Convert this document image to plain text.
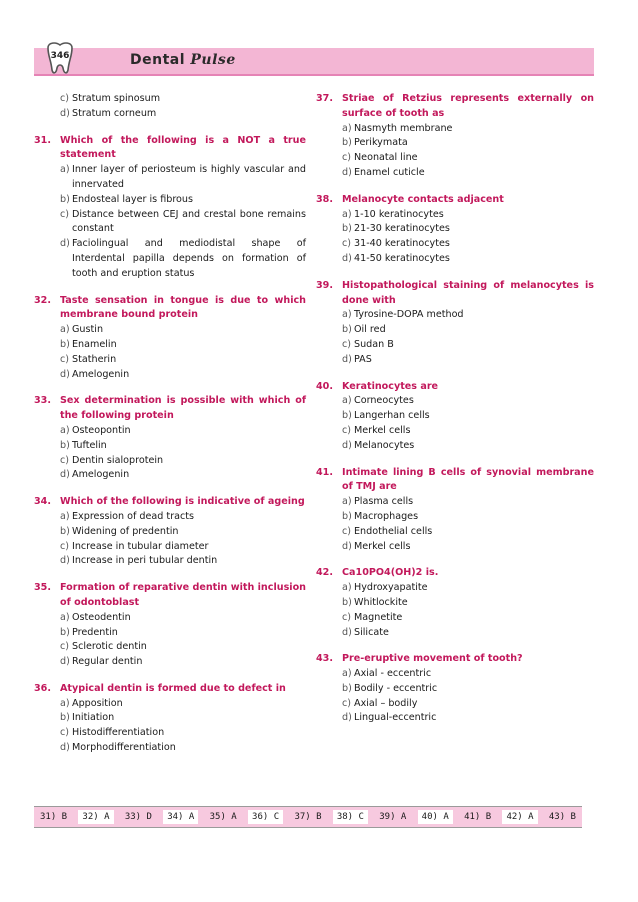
346	Dental Pulse
c) Stratum spinosum
d) Stratum corneum
31. Which of the following is a NOT a true statement
a) Inner layer of periosteum is highly vascular and innervated
b) Endosteal layer is fibrous
c) Distance between CEJ and crestal bone remains constant
d) Faciolingual and mediodistal shape of Interdental papilla depends on formation of tooth and eruption status
32. Taste sensation in tongue is due to which membrane bound protein
a) Gustin
b) Enamelin
c) Statherin
d) Amelogenin
33. Sex determination is possible with which of the following protein
a) Osteopontin
b) Tuftelin
c) Dentin sialoprotein
d) Amelogenin
34. Which of the following is indicative of ageing
a) Expression of dead tracts
b) Widening of predentin
c) Increase in tubular diameter
d) Increase in peri tubular dentin
35. Formation of reparative dentin with inclusion of odontoblast
a) Osteodentin
b) Predentin
c) Sclerotic dentin
d) Regular dentin
36. Atypical dentin is formed due to defect in
a) Apposition
b) Initiation
c) Histodifferentiation
d) Morphodifferentiation
37. Striae of Retzius represents externally on surface of tooth as
a) Nasmyth membrane
b) Perikymata
c) Neonatal line
d) Enamel cuticle
38. Melanocyte contacts adjacent
a) 1-10 keratinocytes
b) 21-30 keratinocytes
c) 31-40 keratinocytes
d) 41-50 keratinocytes
39. Histopathological staining of melanocytes is done with
a) Tyrosine-DOPA method
b) Oil red
c) Sudan B
d) PAS
40. Keratinocytes are
a) Corneocytes
b) Langerhan cells
c) Merkel cells
d) Melanocytes
41. Intimate lining B cells of synovial membrane of TMJ are
a) Plasma cells
b) Macrophages
c) Endothelial cells
d) Merkel cells
42. Ca10PO4(OH)2 is.
a) Hydroxyapatite
b) Whitlockite
c) Magnetite
d) Silicate
43. Pre-eruptive movement of tooth?
a) Axial - eccentric
b) Bodily - eccentric
c) Axial – bodily
d) Lingual-eccentric
31) B	32) A	33) D	34) A	35) A	36) C	37) B	38) C	39) A	40) A	41) B	42) A	43) B
